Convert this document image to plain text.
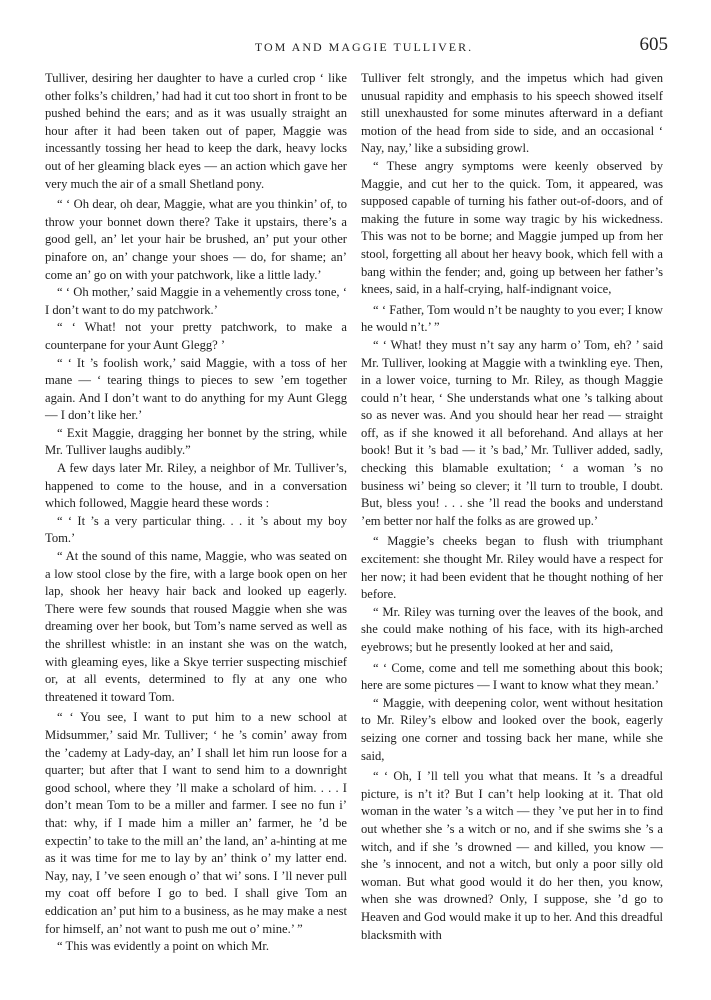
TOM AND MAGGIE TULLIVER.	605

Tulliver, desiring her daughter to have a curled crop ‘ like other folks’s children,’ had had it cut too short in front to be pushed behind the ears; and as it was usually straight an hour after it had been taken out of paper, Maggie was incessantly tossing her head to keep the dark, heavy locks out of her gleaming black eyes — an action which gave her very much the air of a small Shetland pony.

“ ‘ Oh dear, oh dear, Maggie, what are you thinkin’ of, to throw your bonnet down there? Take it upstairs, there’s a good gell, an’ let your hair be brushed, an’ put your other pinafore on, an’ change your shoes — do, for shame; an’ come an’ go on with your patchwork, like a little lady.’

“ ‘ Oh mother,’ said Maggie in a vehemently cross tone, ‘ I don’t want to do my patchwork.’

“ ‘ What! not your pretty patchwork, to make a counterpane for your Aunt Glegg? ’

“ ‘ It ’s foolish work,’ said Maggie, with a toss of her mane — ‘ tearing things to pieces to sew ’em together again. And I don’t want to do anything for my Aunt Glegg — I don’t like her.’

“ Exit Maggie, dragging her bonnet by the string, while Mr. Tulliver laughs audibly.”

A few days later Mr. Riley, a neighbor of Mr. Tulliver’s, happened to come to the house, and in a conversation which followed, Maggie heard these words :

“ ‘ It ’s a very particular thing. . . it ’s about my boy Tom.’

“ At the sound of this name, Maggie, who was seated on a low stool close by the fire, with a large book open on her lap, shook her heavy hair back and looked up eagerly. There were few sounds that roused Maggie when she was dreaming over her book, but Tom’s name served as well as the shrillest whistle: in an instant she was on the watch, with gleaming eyes, like a Skye terrier suspecting mischief or, at all events, determined to fly at any one who threatened it toward Tom.

“ ‘ You see, I want to put him to a new school at Midsummer,’ said Mr. Tulliver; ‘ he ’s comin’ away from the ’cademy at Lady-day, an’ I shall let him run loose for a quarter; but after that I want to send him to a downright good school, where they ’ll make a scholard of him. . . . I don’t mean Tom to be a miller and farmer. I see no fun i’ that: why, if I made him a miller an’ farmer, he ’d be expectin’ to take to the mill an’ the land, an’ a-hinting at me as it was time for me to lay by an’ think o’ my latter end. Nay, nay, I ’ve seen enough o’ that wi’ sons. I ’ll never pull my coat off before I go to bed. I shall give Tom an eddication an’ put him to a business, as he may make a nest for himself, an’ not want to push me out o’ mine.’ ”

“ This was evidently a point on which Mr.

Tulliver felt strongly, and the impetus which had given unusual rapidity and emphasis to his speech showed itself still unexhausted for some minutes afterward in a defiant motion of the head from side to side, and an occasional ‘ Nay, nay,’ like a subsiding growl.

“ These angry symptoms were keenly observed by Maggie, and cut her to the quick. Tom, it appeared, was supposed capable of turning his father out-of-doors, and of making the future in some way tragic by his wickedness. This was not to be borne; and Maggie jumped up from her stool, forgetting all about her heavy book, which fell with a bang within the fender; and, going up between her father’s knees, said, in a half-crying, half-indignant voice,

“ ‘ Father, Tom would n’t be naughty to you ever; I know he would n’t.’ ”

“ ‘ What! they must n’t say any harm o’ Tom, eh? ’ said Mr. Tulliver, looking at Maggie with a twinkling eye. Then, in a lower voice, turning to Mr. Riley, as though Maggie could n’t hear, ‘ She understands what one ’s talking about so as never was. And you should hear her read — straight off, as if she knowed it all beforehand. And allays at her book! But it ’s bad — it ’s bad,’ Mr. Tulliver added, sadly, checking this blamable exultation; ‘ a woman ’s no business wi’ being so clever; it ’ll turn to trouble, I doubt. But, bless you! . . . she ’ll read the books and understand ’em better nor half the folks as are growed up.’

“ Maggie’s cheeks began to flush with triumphant excitement: she thought Mr. Riley would have a respect for her now; it had been evident that he thought nothing of her before.

“ Mr. Riley was turning over the leaves of the book, and she could make nothing of his face, with its high-arched eyebrows; but he presently looked at her and said,

“ ‘ Come, come and tell me something about this book; here are some pictures — I want to know what they mean.’

“ Maggie, with deepening color, went without hesitation to Mr. Riley’s elbow and looked over the book, eagerly seizing one corner and tossing back her mane, while she said,

“ ‘ Oh, I ’ll tell you what that means. It ’s a dreadful picture, is n’t it? But I can’t help looking at it. That old woman in the water ’s a witch — they ’ve put her in to find out whether she ’s a witch or no, and if she swims she ’s a witch, and if she ’s drowned — and killed, you know — she ’s innocent, and not a witch, but only a poor silly old woman. But what good would it do her then, you know, when she was drowned? Only, I suppose, she ’d go to Heaven and God would make it up to her. And this dreadful blacksmith with
